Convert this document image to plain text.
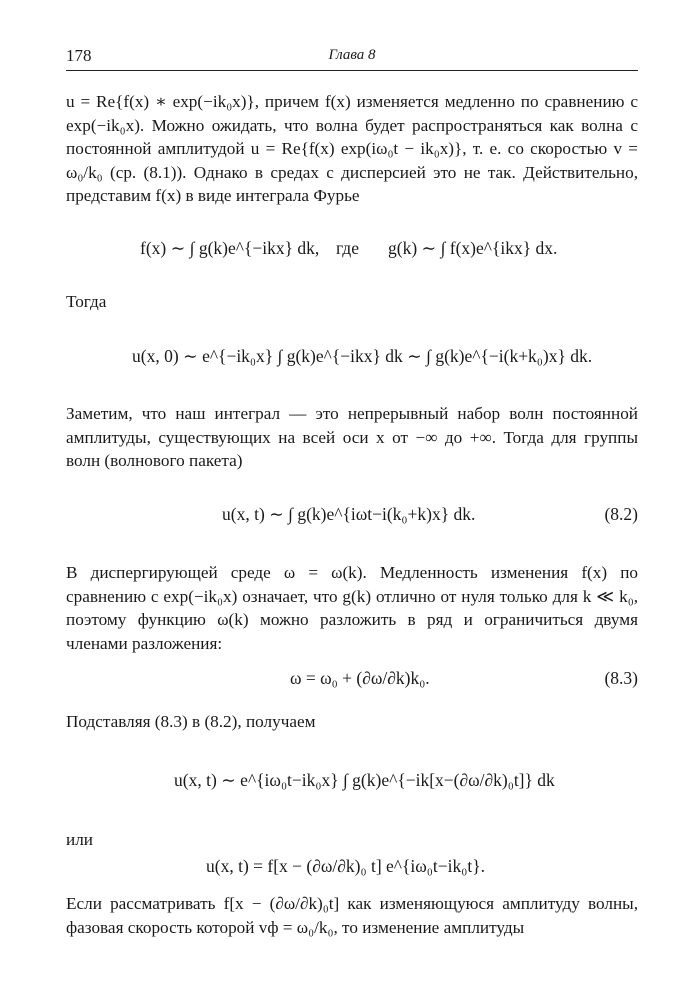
178	Глава 8
u = Re{f(x) ∗ exp(−ik₀x)}, причем f(x) изменяется медленно по сравнению с exp(−ik₀x). Можно ожидать, что волна будет распространяться как волна с постоянной амплитудой u = Re{f(x) exp(iω₀t − ik₀x)}, т. е. со скоростью v = ω₀/k₀ (ср. (8.1)). Однако в средах с дисперсией это не так. Действительно, представим f(x) в виде интеграла Фурье
f(x) ∼ ∫ g(k)e^{−ikx} dk, где g(k) ∼ ∫ f(x)e^{ikx} dx.
Тогда
u(x, 0) ∼ e^{−ik₀x} ∫ g(k)e^{−ikx} dk ∼ ∫ g(k)e^{−i(k+k₀)x} dk.
Заметим, что наш интеграл — это непрерывный набор волн постоянной амплитуды, существующих на всей оси x от −∞ до +∞. Тогда для группы волн (волнового пакета)
u(x, t) ∼ ∫ g(k)e^{iωt−i(k₀+k)x} dk.	(8.2)
В диспергирующей среде ω = ω(k). Медленность изменения f(x) по сравнению с exp(−ik₀x) означает, что g(k) отлично от нуля только для k ≪ k₀, поэтому функцию ω(k) можно разложить в ряд и ограничиться двумя членами разложения:
ω = ω₀ + (∂ω/∂k)k₀.	(8.3)
Подставляя (8.3) в (8.2), получаем
u(x, t) ∼ e^{iω₀t−ik₀x} ∫ g(k)e^{−ik[x−(∂ω/∂k)₀t]} dk
или
u(x, t) = f[x − (∂ω/∂k)₀ t] e^{iω₀t−ik₀t}.
Если рассматривать f[x − (∂ω/∂k)₀t] как изменяющуюся амплитуду волны, фазовая скорость которой vф = ω₀/k₀, то изменение амплитуды
